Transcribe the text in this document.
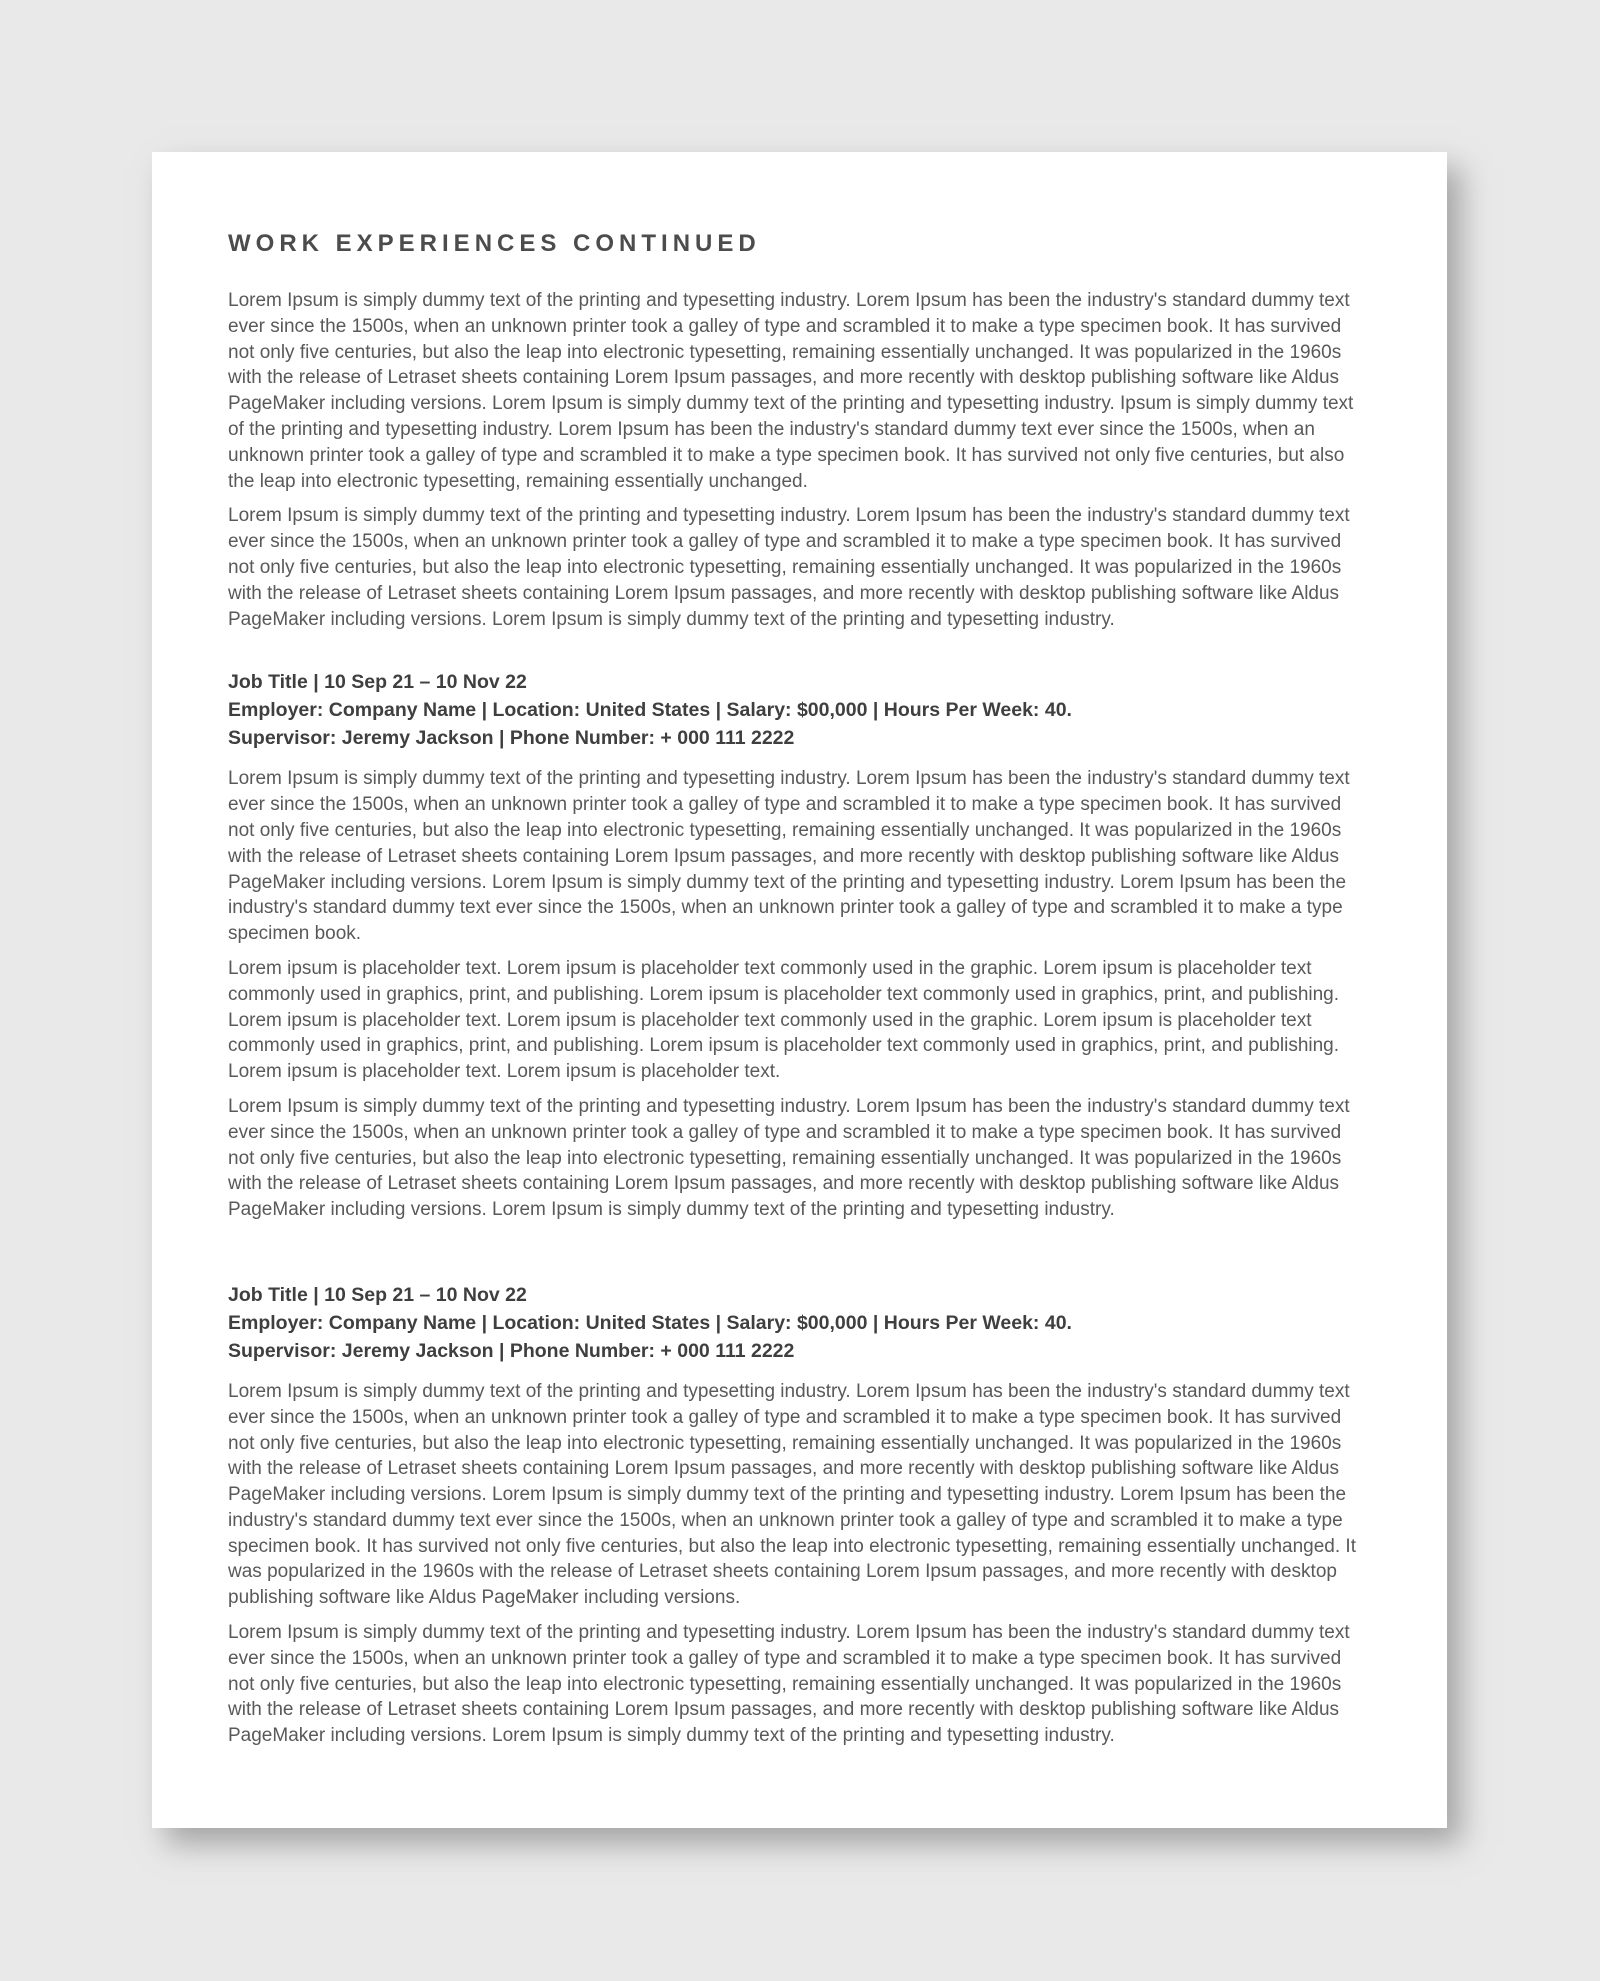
WORK EXPERIENCES CONTINUED

Lorem Ipsum is simply dummy text of the printing and typesetting industry. Lorem Ipsum has been the industry's standard dummy text ever since the 1500s, when an unknown printer took a galley of type and scrambled it to make a type specimen book. It has survived not only five centuries, but also the leap into electronic typesetting, remaining essentially unchanged. It was popularized in the 1960s with the release of Letraset sheets containing Lorem Ipsum passages, and more recently with desktop publishing software like Aldus PageMaker including versions. Lorem Ipsum is simply dummy text of the printing and typesetting industry. Ipsum is simply dummy text of the printing and typesetting industry. Lorem Ipsum has been the industry's standard dummy text ever since the 1500s, when an unknown printer took a galley of type and scrambled it to make a type specimen book. It has survived not only five centuries, but also the leap into electronic typesetting, remaining essentially unchanged.

Lorem Ipsum is simply dummy text of the printing and typesetting industry. Lorem Ipsum has been the industry's standard dummy text ever since the 1500s, when an unknown printer took a galley of type and scrambled it to make a type specimen book. It has survived not only five centuries, but also the leap into electronic typesetting, remaining essentially unchanged. It was popularized in the 1960s with the release of Letraset sheets containing Lorem Ipsum passages, and more recently with desktop publishing software like Aldus PageMaker including versions. Lorem Ipsum is simply dummy text of the printing and typesetting industry.

Job Title | 10 Sep 21 – 10 Nov 22
Employer: Company Name | Location: United States | Salary: $00,000 | Hours Per Week: 40.
Supervisor: Jeremy Jackson | Phone Number: + 000 111 2222

Lorem Ipsum is simply dummy text of the printing and typesetting industry. Lorem Ipsum has been the industry's standard dummy text ever since the 1500s, when an unknown printer took a galley of type and scrambled it to make a type specimen book. It has survived not only five centuries, but also the leap into electronic typesetting, remaining essentially unchanged. It was popularized in the 1960s with the release of Letraset sheets containing Lorem Ipsum passages, and more recently with desktop publishing software like Aldus PageMaker including versions. Lorem Ipsum is simply dummy text of the printing and typesetting industry. Lorem Ipsum has been the industry's standard dummy text ever since the 1500s, when an unknown printer took a galley of type and scrambled it to make a type specimen book.

Lorem ipsum is placeholder text. Lorem ipsum is placeholder text commonly used in the graphic. Lorem ipsum is placeholder text commonly used in graphics, print, and publishing. Lorem ipsum is placeholder text commonly used in graphics, print, and publishing. Lorem ipsum is placeholder text. Lorem ipsum is placeholder text commonly used in the graphic. Lorem ipsum is placeholder text commonly used in graphics, print, and publishing. Lorem ipsum is placeholder text commonly used in graphics, print, and publishing. Lorem ipsum is placeholder text. Lorem ipsum is placeholder text.

Lorem Ipsum is simply dummy text of the printing and typesetting industry. Lorem Ipsum has been the industry's standard dummy text ever since the 1500s, when an unknown printer took a galley of type and scrambled it to make a type specimen book. It has survived not only five centuries, but also the leap into electronic typesetting, remaining essentially unchanged. It was popularized in the 1960s with the release of Letraset sheets containing Lorem Ipsum passages, and more recently with desktop publishing software like Aldus PageMaker including versions. Lorem Ipsum is simply dummy text of the printing and typesetting industry.

Job Title | 10 Sep 21 – 10 Nov 22
Employer: Company Name | Location: United States | Salary: $00,000 | Hours Per Week: 40.
Supervisor: Jeremy Jackson | Phone Number: + 000 111 2222

Lorem Ipsum is simply dummy text of the printing and typesetting industry. Lorem Ipsum has been the industry's standard dummy text ever since the 1500s, when an unknown printer took a galley of type and scrambled it to make a type specimen book. It has survived not only five centuries, but also the leap into electronic typesetting, remaining essentially unchanged. It was popularized in the 1960s with the release of Letraset sheets containing Lorem Ipsum passages, and more recently with desktop publishing software like Aldus PageMaker including versions. Lorem Ipsum is simply dummy text of the printing and typesetting industry. Lorem Ipsum has been the industry's standard dummy text ever since the 1500s, when an unknown printer took a galley of type and scrambled it to make a type specimen book. It has survived not only five centuries, but also the leap into electronic typesetting, remaining essentially unchanged. It was popularized in the 1960s with the release of Letraset sheets containing Lorem Ipsum passages, and more recently with desktop publishing software like Aldus PageMaker including versions.

Lorem Ipsum is simply dummy text of the printing and typesetting industry. Lorem Ipsum has been the industry's standard dummy text ever since the 1500s, when an unknown printer took a galley of type and scrambled it to make a type specimen book. It has survived not only five centuries, but also the leap into electronic typesetting, remaining essentially unchanged. It was popularized in the 1960s with the release of Letraset sheets containing Lorem Ipsum passages, and more recently with desktop publishing software like Aldus PageMaker including versions. Lorem Ipsum is simply dummy text of the printing and typesetting industry.
